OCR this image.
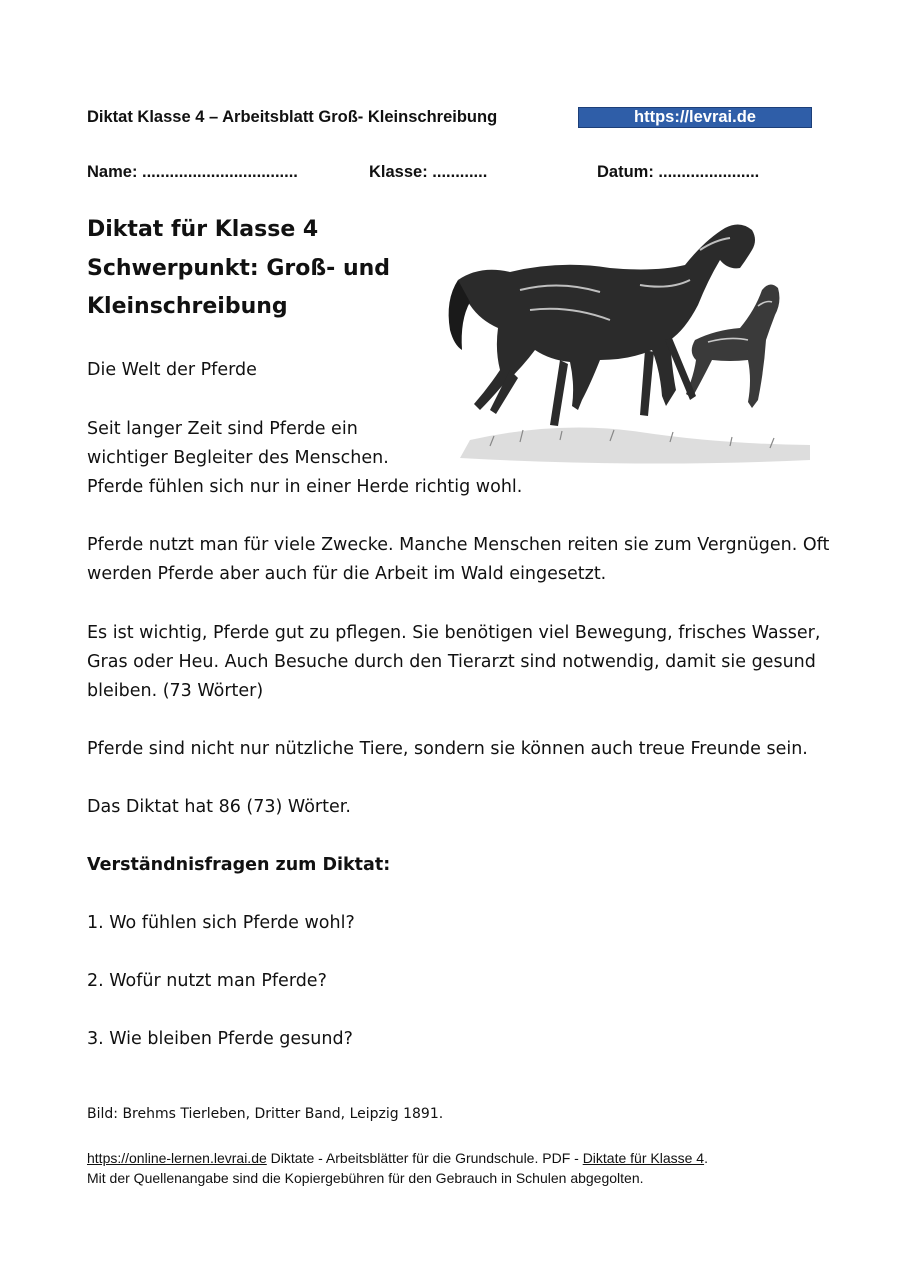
Diktat Klasse 4 – Arbeitsblatt Groß- Kleinschreibung	https://levrai.de
Name: ..................................	Klasse: ............	Datum: ......................
Diktat für Klasse 4
Schwerpunkt: Groß- und
Kleinschreibung
Die Welt der Pferde
Seit langer Zeit sind Pferde ein
wichtiger Begleiter des Menschen.
Pferde fühlen sich nur in einer Herde richtig wohl.
Pferde nutzt man für viele Zwecke. Manche Menschen reiten sie zum Vergnügen. Oft
werden Pferde aber auch für die Arbeit im Wald eingesetzt.
Es ist wichtig, Pferde gut zu pflegen. Sie benötigen viel Bewegung, frisches Wasser,
Gras oder Heu. Auch Besuche durch den Tierarzt sind notwendig, damit sie gesund
bleiben. (73 Wörter)
Pferde sind nicht nur nützliche Tiere, sondern sie können auch treue Freunde sein.
Das Diktat hat 86 (73) Wörter.
Verständnisfragen zum Diktat:
1. Wo fühlen sich Pferde wohl?
2. Wofür nutzt man Pferde?
3. Wie bleiben Pferde gesund?
Bild: Brehms Tierleben, Dritter Band, Leipzig 1891.
https://online-lernen.levrai.de Diktate - Arbeitsblätter für die Grundschule. PDF - Diktate für Klasse 4.
Mit der Quellenangabe sind die Kopiergebühren für den Gebrauch in Schulen abgegolten.
